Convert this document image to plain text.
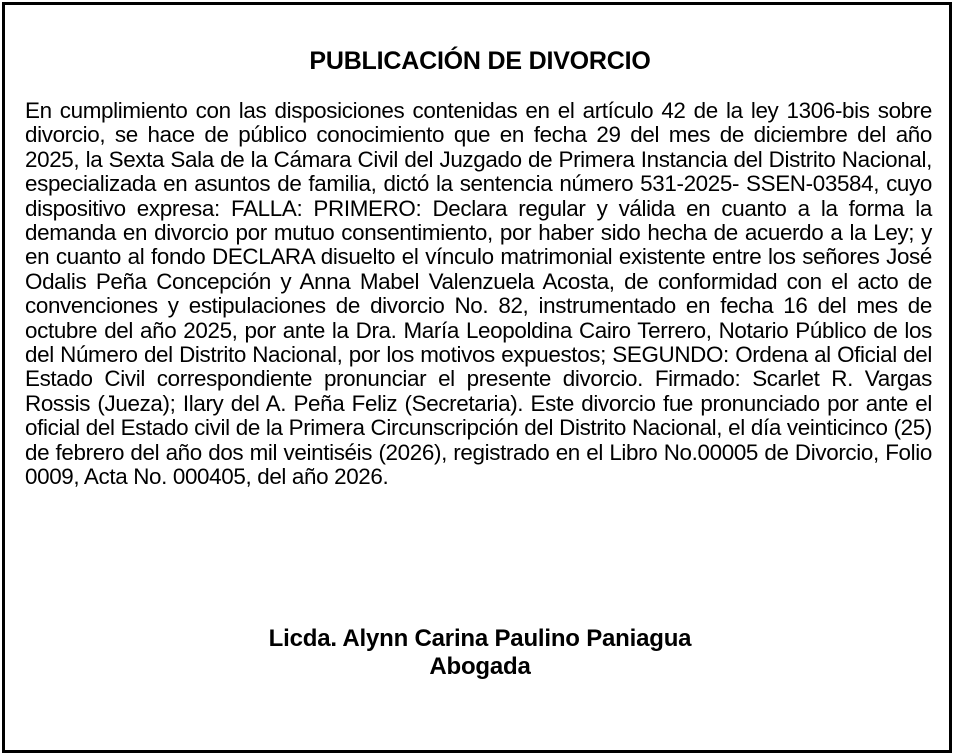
PUBLICACIÓN DE DIVORCIO

En cumplimiento con las disposiciones contenidas en el artículo 42 de la ley 1306-bis sobre divorcio, se hace de público conocimiento que en fecha 29 del mes de diciembre del año 2025, la Sexta Sala de la Cámara Civil del Juzgado de Primera Instancia del Distrito Nacional, especializada en asuntos de familia, dictó la sentencia número 531-2025- SSEN-03584, cuyo dispositivo expresa: FALLA: PRIMERO: Declara regular y válida en cuanto a la forma la demanda en divorcio por mutuo consentimiento, por haber sido hecha de acuerdo a la Ley; y en cuanto al fondo DECLARA disuelto el vínculo matrimonial existente entre los señores José Odalis Peña Concepción y Anna Mabel Valenzuela Acosta, de conformidad con el acto de convenciones y estipulaciones de divorcio No. 82, instrumentado en fecha 16 del mes de octubre del año 2025, por ante la Dra. María Leopoldina Cairo Terrero, Notario Público de los del Número del Distrito Nacional, por los motivos expuestos; SEGUNDO: Ordena al Oficial del Estado Civil correspondiente pronunciar el presente divorcio. Firmado: Scarlet R. Vargas Rossis (Jueza); Ilary del A. Peña Feliz (Secretaria). Este divorcio fue pronunciado por ante el oficial del Estado civil de la Primera Circunscripción del Distrito Nacional, el día veinticinco (25) de febrero del año dos mil veintiséis (2026), registrado en el Libro No.00005 de Divorcio, Folio 0009, Acta No. 000405, del año 2026.

Licda. Alynn Carina Paulino Paniagua
Abogada
